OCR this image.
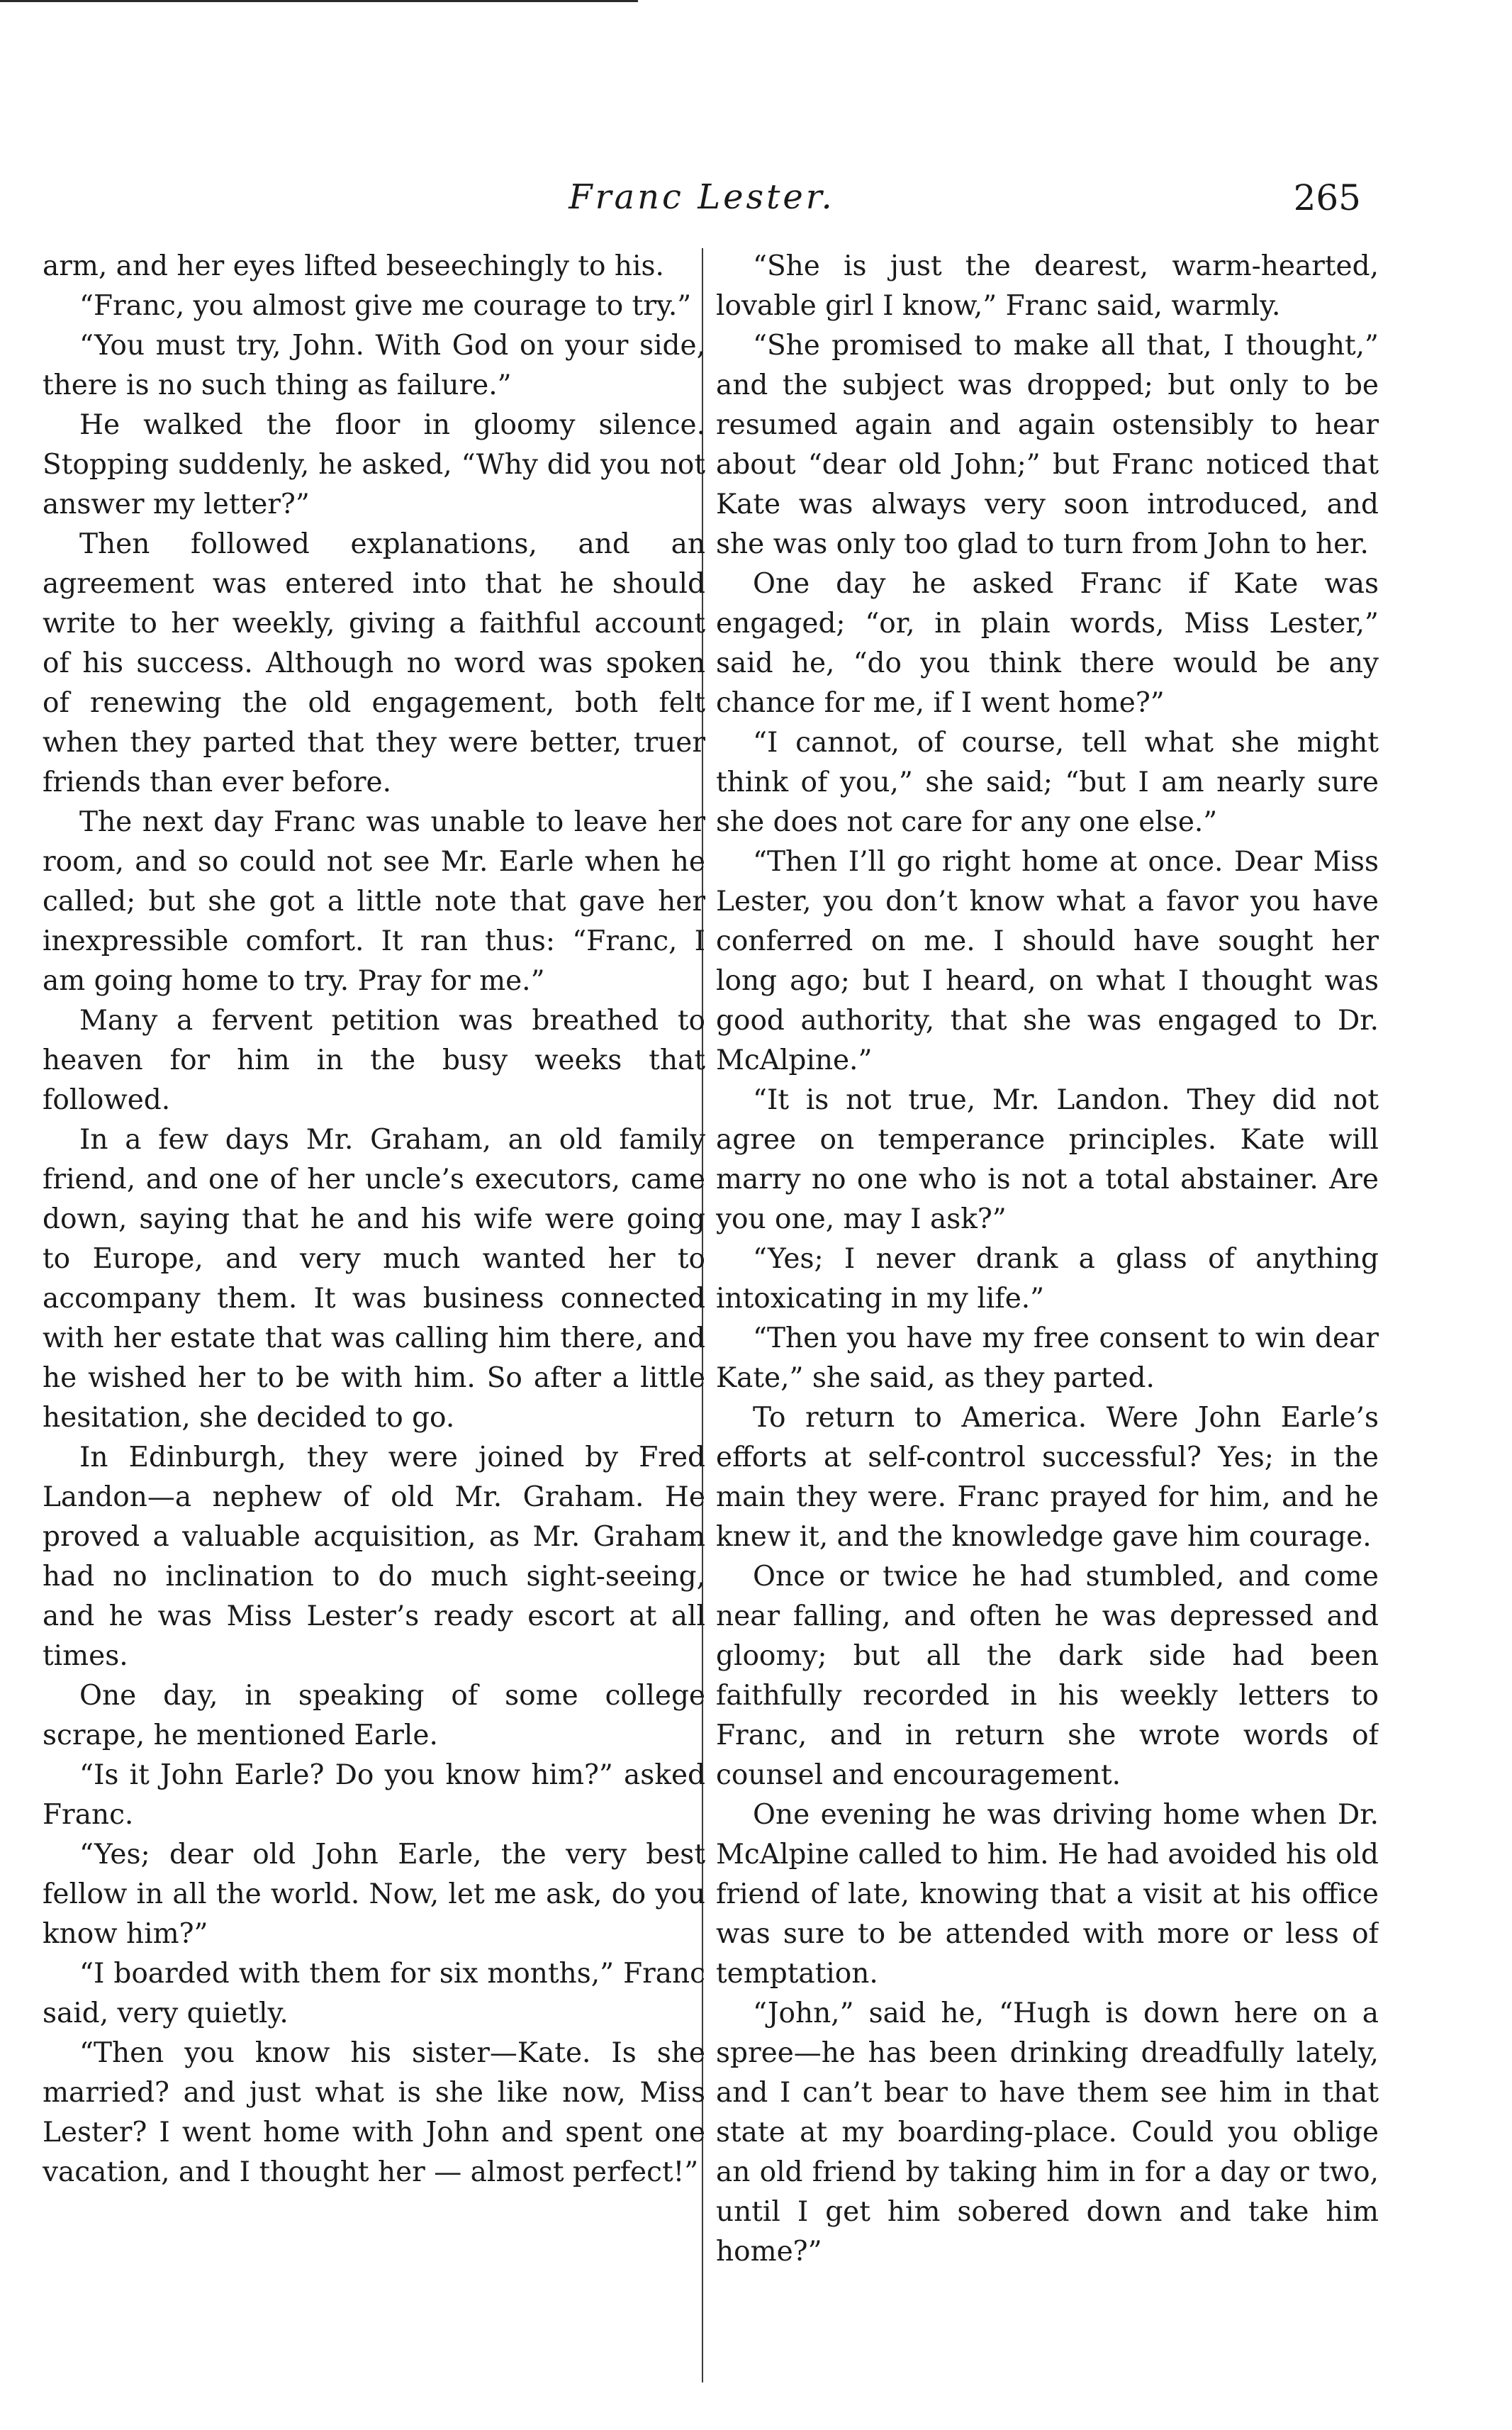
Franc Lester.	265

arm, and her eyes lifted beseechingly to his.

“Franc, you almost give me courage to try.”

“You must try, John. With God on your side, there is no such thing as failure.”

He walked the floor in gloomy silence. Stopping suddenly, he asked, “Why did you not answer my letter?”

Then followed explanations, and an agreement was entered into that he should write to her weekly, giving a faithful account of his success. Although no word was spoken of renewing the old engagement, both felt when they parted that they were better, truer friends than ever before.

The next day Franc was unable to leave her room, and so could not see Mr. Earle when he called; but she got a little note that gave her inexpressible comfort. It ran thus: “Franc, I am going home to try. Pray for me.”

Many a fervent petition was breathed to heaven for him in the busy weeks that followed.

In a few days Mr. Graham, an old family friend, and one of her uncle’s executors, came down, saying that he and his wife were going to Europe, and very much wanted her to accompany them. It was business connected with her estate that was calling him there, and he wished her to be with him. So after a little hesitation, she decided to go.

In Edinburgh, they were joined by Fred Landon—a nephew of old Mr. Graham. He proved a valuable acquisition, as Mr. Graham had no inclination to do much sight-seeing, and he was Miss Lester’s ready escort at all times.

One day, in speaking of some college scrape, he mentioned Earle.

“Is it John Earle? Do you know him?” asked Franc.

“Yes; dear old John Earle, the very best fellow in all the world. Now, let me ask, do you know him?”

“I boarded with them for six months,” Franc said, very quietly.

“Then you know his sister—Kate. Is she married? and just what is she like now, Miss Lester? I went home with John and spent one vacation, and I thought her — almost perfect!”

“She is just the dearest, warm-hearted, lovable girl I know,” Franc said, warmly.

“She promised to make all that, I thought,” and the subject was dropped; but only to be resumed again and again ostensibly to hear about “dear old John;” but Franc noticed that Kate was always very soon introduced, and she was only too glad to turn from John to her.

One day he asked Franc if Kate was engaged; “or, in plain words, Miss Lester,” said he, “do you think there would be any chance for me, if I went home?”

“I cannot, of course, tell what she might think of you,” she said; “but I am nearly sure she does not care for any one else.”

“Then I’ll go right home at once. Dear Miss Lester, you don’t know what a favor you have conferred on me. I should have sought her long ago; but I heard, on what I thought was good authority, that she was engaged to Dr. McAlpine.”

“It is not true, Mr. Landon. They did not agree on temperance principles. Kate will marry no one who is not a total abstainer. Are you one, may I ask?”

“Yes; I never drank a glass of anything intoxicating in my life.”

“Then you have my free consent to win dear Kate,” she said, as they parted.

To return to America. Were John Earle’s efforts at self-control successful? Yes; in the main they were. Franc prayed for him, and he knew it, and the knowledge gave him courage.

Once or twice he had stumbled, and come near falling, and often he was depressed and gloomy; but all the dark side had been faithfully recorded in his weekly letters to Franc, and in return she wrote words of counsel and encouragement.

One evening he was driving home when Dr. McAlpine called to him. He had avoided his old friend of late, knowing that a visit at his office was sure to be attended with more or less of temptation.

“John,” said he, “Hugh is down here on a spree—he has been drinking dreadfully lately, and I can’t bear to have them see him in that state at my boarding-place. Could you oblige an old friend by taking him in for a day or two, until I get him sobered down and take him home?”
